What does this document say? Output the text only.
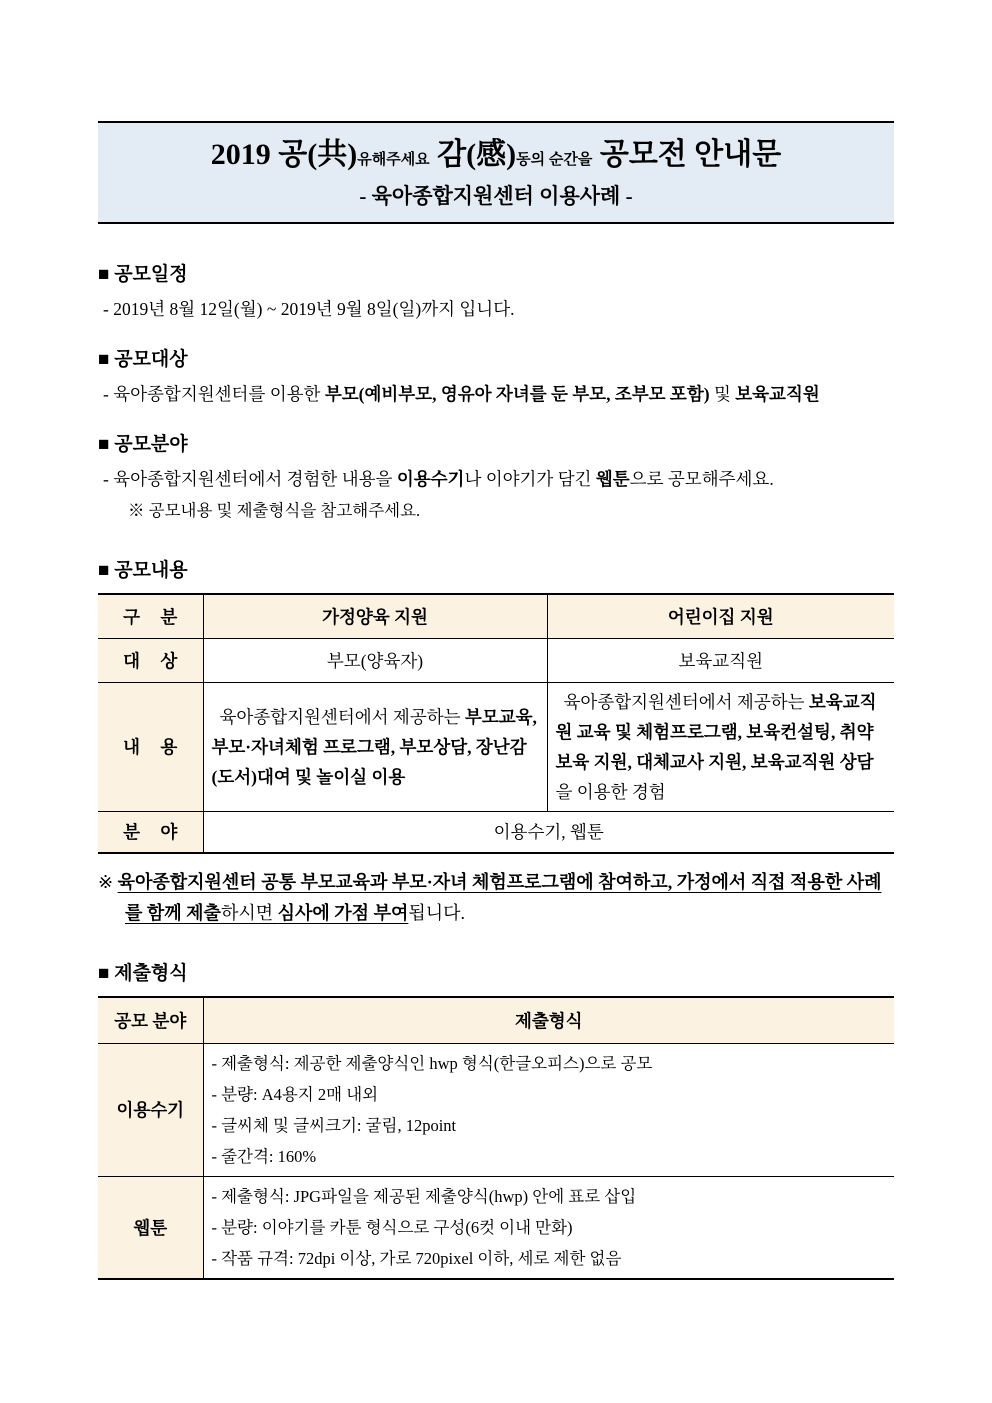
2019 공(共)유해주세요 감(感)동의 순간을 공모전 안내문
- 육아종합지원센터 이용사례 -
■ 공모일정
- 2019년 8월 12일(월) ~ 2019년 9월 8일(일)까지 입니다.
■ 공모대상
- 육아종합지원센터를 이용한 부모(예비부모, 영유아 자녀를 둔 부모, 조부모 포함) 및 보육교직원
■ 공모분야
- 육아종합지원센터에서 경험한 내용을 이용수기나 이야기가 담긴 웹툰으로 공모해주세요.
※ 공모내용 및 제출형식을 참고해주세요.
■ 공모내용
구 분	가정양육 지원	어린이집 지원
대 상	부모(양육자)	보육교직원
내 용	육아종합지원센터에서 제공하는 부모교육, 부모·자녀체험 프로그램, 부모상담, 장난감(도서)대여 및 놀이실 이용	육아종합지원센터에서 제공하는 보육교직원 교육 및 체험프로그램, 보육컨설팅, 취약 보육 지원, 대체교사 지원, 보육교직원 상담을 이용한 경험
분 야	이용수기, 웹툰	
※ 육아종합지원센터 공통 부모교육과 부모·자녀 체험프로그램에 참여하고, 가정에서 직접 적용한 사례를 함께 제출하시면 심사에 가점 부여됩니다.
■ 제출형식
공모 분야	제출형식
이용수기	- 제출형식: 제공한 제출양식인 hwp 형식(한글오피스)으로 공모
- 분량: A4용지 2매 내외
- 글씨체 및 글씨크기: 굴림, 12point
- 줄간격: 160%

웹툰	- 제출형식: JPG파일을 제공된 제출양식(hwp) 안에 표로 삽입
- 분량: 이야기를 카툰 형식으로 구성(6컷 이내 만화)
- 작품 규격: 72dpi 이상, 가로 720pixel 이하, 세로 제한 없음
